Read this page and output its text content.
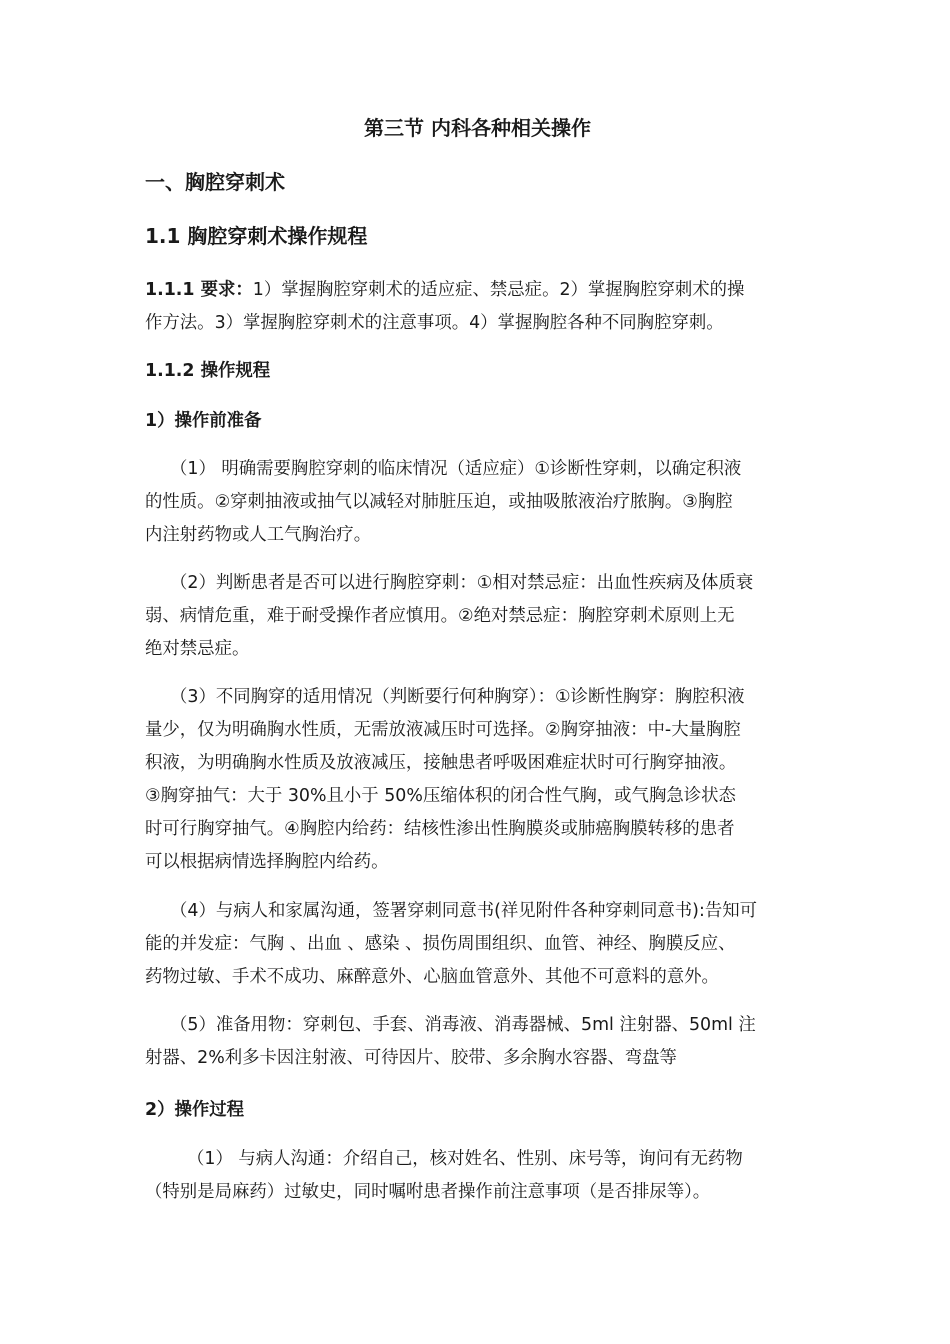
第三节 内科各种相关操作
一、胸腔穿刺术
1.1 胸腔穿刺术操作规程
1.1.1 要求：1）掌握胸腔穿刺术的适应症、禁忌症。2）掌握胸腔穿刺术的操
作方法。3）掌握胸腔穿刺术的注意事项。4）掌握胸腔各种不同胸腔穿刺。
1.1.2 操作规程
1）操作前准备
（1） 明确需要胸腔穿刺的临床情况（适应症）①诊断性穿刺，以确定积液
的性质。②穿刺抽液或抽气以减轻对肺脏压迫，或抽吸脓液治疗脓胸。③胸腔
内注射药物或人工气胸治疗。
（2）判断患者是否可以进行胸腔穿刺：①相对禁忌症：出血性疾病及体质衰
弱、病情危重，难于耐受操作者应慎用。②绝对禁忌症：胸腔穿刺术原则上无
绝对禁忌症。
（3）不同胸穿的适用情况（判断要行何种胸穿）：①诊断性胸穿：胸腔积液
量少，仅为明确胸水性质，无需放液减压时可选择。②胸穿抽液：中-大量胸腔
积液，为明确胸水性质及放液减压，接触患者呼吸困难症状时可行胸穿抽液。
③胸穿抽气：大于 30%且小于 50%压缩体积的闭合性气胸，或气胸急诊状态
时可行胸穿抽气。④胸腔内给药：结核性渗出性胸膜炎或肺癌胸膜转移的患者
可以根据病情选择胸腔内给药。
（4）与病人和家属沟通，签署穿刺同意书(祥见附件各种穿刺同意书):告知可
能的并发症：气胸 、出血 、感染 、损伤周围组织、血管、神经、胸膜反应、
药物过敏、手术不成功、麻醉意外、心脑血管意外、其他不可意料的意外。
（5）准备用物：穿刺包、手套、消毒液、消毒器械、5ml 注射器、50ml 注
射器、2%利多卡因注射液、可待因片、胶带、多余胸水容器、弯盘等
2）操作过程
（1） 与病人沟通：介绍自己，核对姓名、性别、床号等，询问有无药物
（特别是局麻药）过敏史，同时嘱咐患者操作前注意事项（是否排尿等）。
